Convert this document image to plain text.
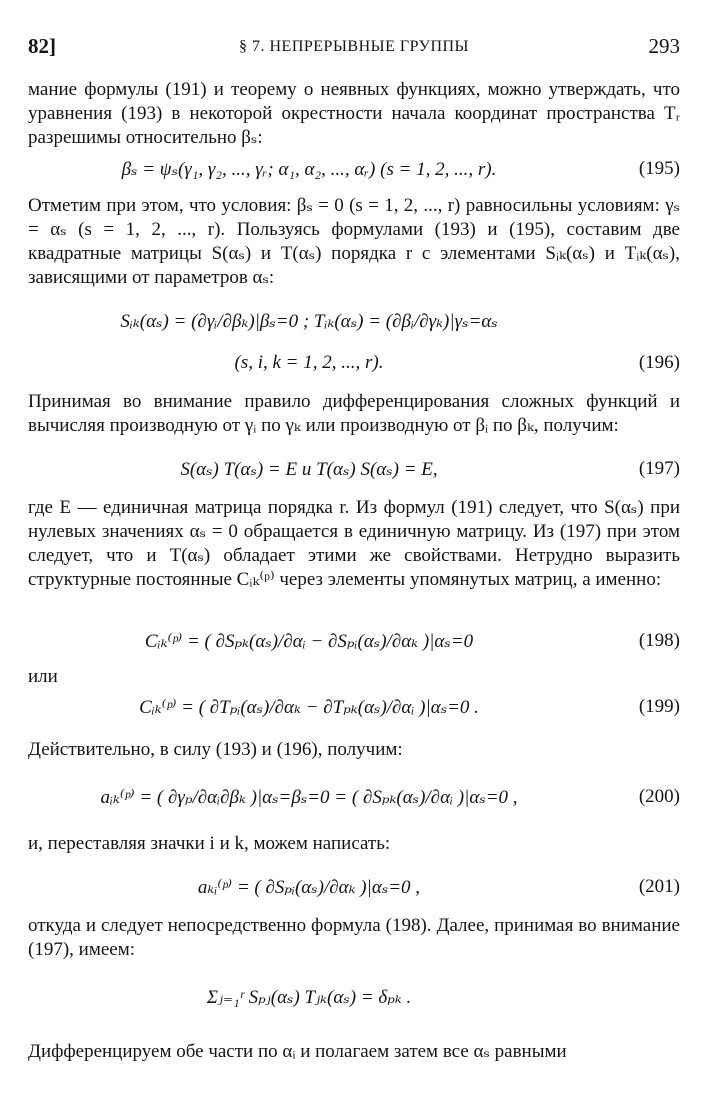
82]	§ 7. НЕПРЕРЫВНЫЕ ГРУППЫ	293
мание формулы (191) и теорему о неявных функциях, можно утверждать, что уравнения (193) в некоторой окрестности начала координат пространства Tᵣ разрешимы относительно βₛ:
βₛ = ψₛ(γ₁, γ₂, ..., γᵣ; α₁, α₂, ..., αᵣ) (s = 1, 2, ..., r).	(195)
Отметим при этом, что условия: βₛ = 0 (s = 1, 2, ..., r) равносильны условиям: γₛ = αₛ (s = 1, 2, ..., r). Пользуясь формулами (193) и (195), составим две квадратные матрицы S(αₛ) и T(αₛ) порядка r с элементами Sᵢₖ(αₛ) и Tᵢₖ(αₛ), зависящими от параметров αₛ:
Sᵢₖ(αₛ) = (∂γᵢ/∂βₖ)|βₛ=0 ; Tᵢₖ(αₛ) = (∂βᵢ/∂γₖ)|γₛ=αₛ
(s, i, k = 1, 2, ..., r).	(196)
Принимая во внимание правило дифференцирования сложных функций и вычисляя производную от γᵢ по γₖ или производную от βᵢ по βₖ, получим:
S(αₛ) T(αₛ) = E и T(αₛ) S(αₛ) = E,	(197)
где E — единичная матрица порядка r. Из формул (191) следует, что S(αₛ) при нулевых значениях αₛ = 0 обращается в единичную матрицу. Из (197) при этом следует, что и T(αₛ) обладает этими же свойствами. Нетрудно выразить структурные постоянные Cᵢₖ⁽ᵖ⁾ через элементы упомянутых матриц, а именно:
Cᵢₖ⁽ᵖ⁾ = ( ∂Sₚₖ(αₛ)/∂αᵢ − ∂Sₚᵢ(αₛ)/∂αₖ )|αₛ=0	(198)
или
Cᵢₖ⁽ᵖ⁾ = ( ∂Tₚᵢ(αₛ)/∂αₖ − ∂Tₚₖ(αₛ)/∂αᵢ )|αₛ=0 .	(199)
Действительно, в силу (193) и (196), получим:
aᵢₖ⁽ᵖ⁾ = ( ∂γₚ/∂αᵢ∂βₖ )|αₛ=βₛ=0 = ( ∂Sₚₖ(αₛ)/∂αᵢ )|αₛ=0 ,	(200)
и, переставляя значки i и k, можем написать:
aₖᵢ⁽ᵖ⁾ = ( ∂Sₚᵢ(αₛ)/∂αₖ )|αₛ=0 ,	(201)
откуда и следует непосредственно формула (198). Далее, принимая во внимание (197), имеем:
Σⱼ₌₁ʳ Sₚⱼ(αₛ) Tⱼₖ(αₛ) = δₚₖ .
Дифференцируем обе части по αᵢ и полагаем затем все αₛ равными
